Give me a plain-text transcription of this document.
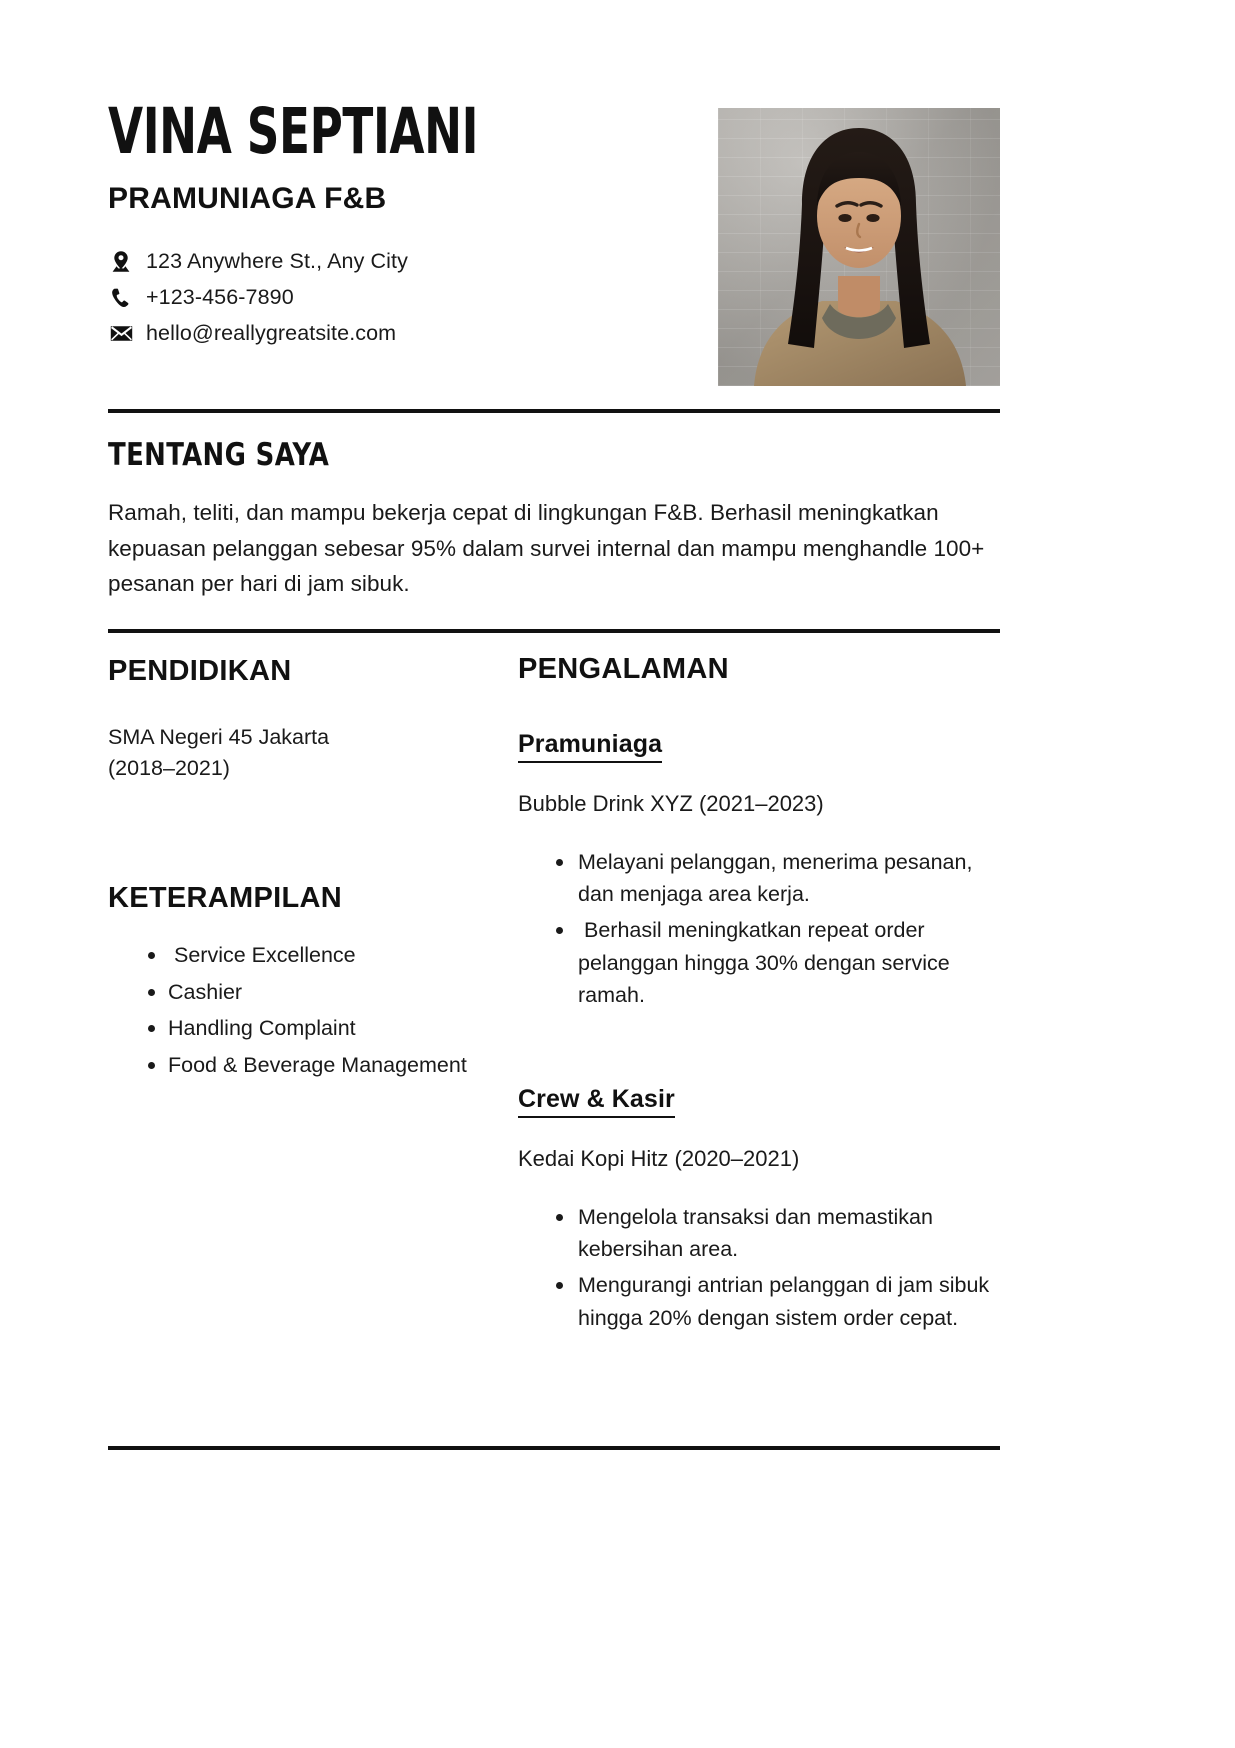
VINA SEPTIANI
PRAMUNIAGA F&B
123 Anywhere St., Any City
+123-456-7890
hello@reallygreatsite.com
TENTANG SAYA

Ramah, teliti, dan mampu bekerja cepat di lingkungan F&B. Berhasil meningkatkan kepuasan pelanggan sebesar 95% dalam survei internal dan mampu menghandle 100+ pesanan per hari di jam sibuk.

PENDIDIKAN
SMA Negeri 45 Jakarta
(2018–2021)
KETERAMPILAN
Service Excellence
Cashier
Handling Complaint
Food & Beverage Management
PENGALAMAN
Pramuniaga

Bubble Drink XYZ (2021–2023)

Melayani pelanggan, menerima pesanan, dan menjaga area kerja.
Berhasil meningkatkan repeat order pelanggan hingga 30% dengan service ramah.
Crew & Kasir

Kedai Kopi Hitz (2020–2021)

Mengelola transaksi dan memastikan kebersihan area.
Mengurangi antrian pelanggan di jam sibuk hingga 20% dengan sistem order cepat.
